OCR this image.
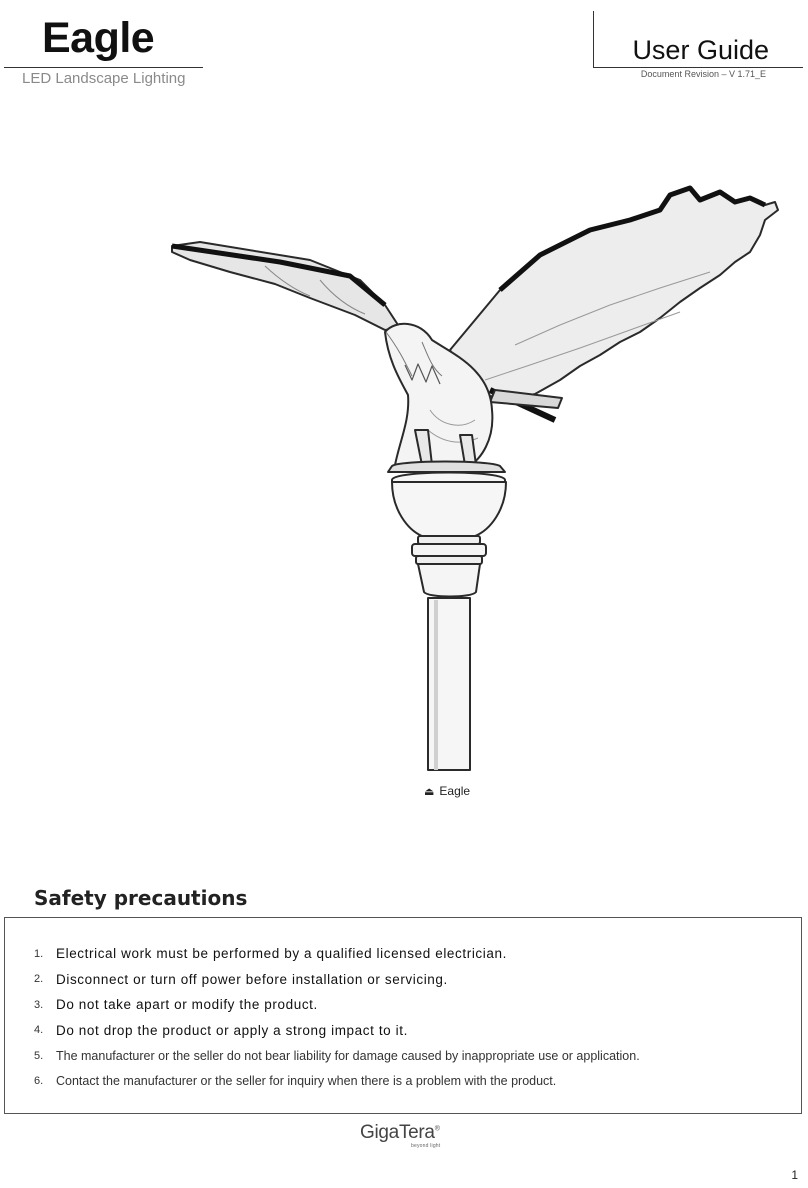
Eagle
LED Landscape Lighting
User Guide
Document Revision – V 1.71_E
⏏ Eagle
Safety precautions
1. Electrical work must be performed by a qualified licensed electrician.
2. Disconnect or turn off power before installation or servicing.
3. Do not take apart or modify the product.
4. Do not drop the product or apply a strong impact to it.
5.	The manufacturer or the seller do not bear liability for damage caused by inappropriate use or application.
6.	Contact the manufacturer or the seller for inquiry when there is a problem with the product.
GigaTera®
beyond light
1
